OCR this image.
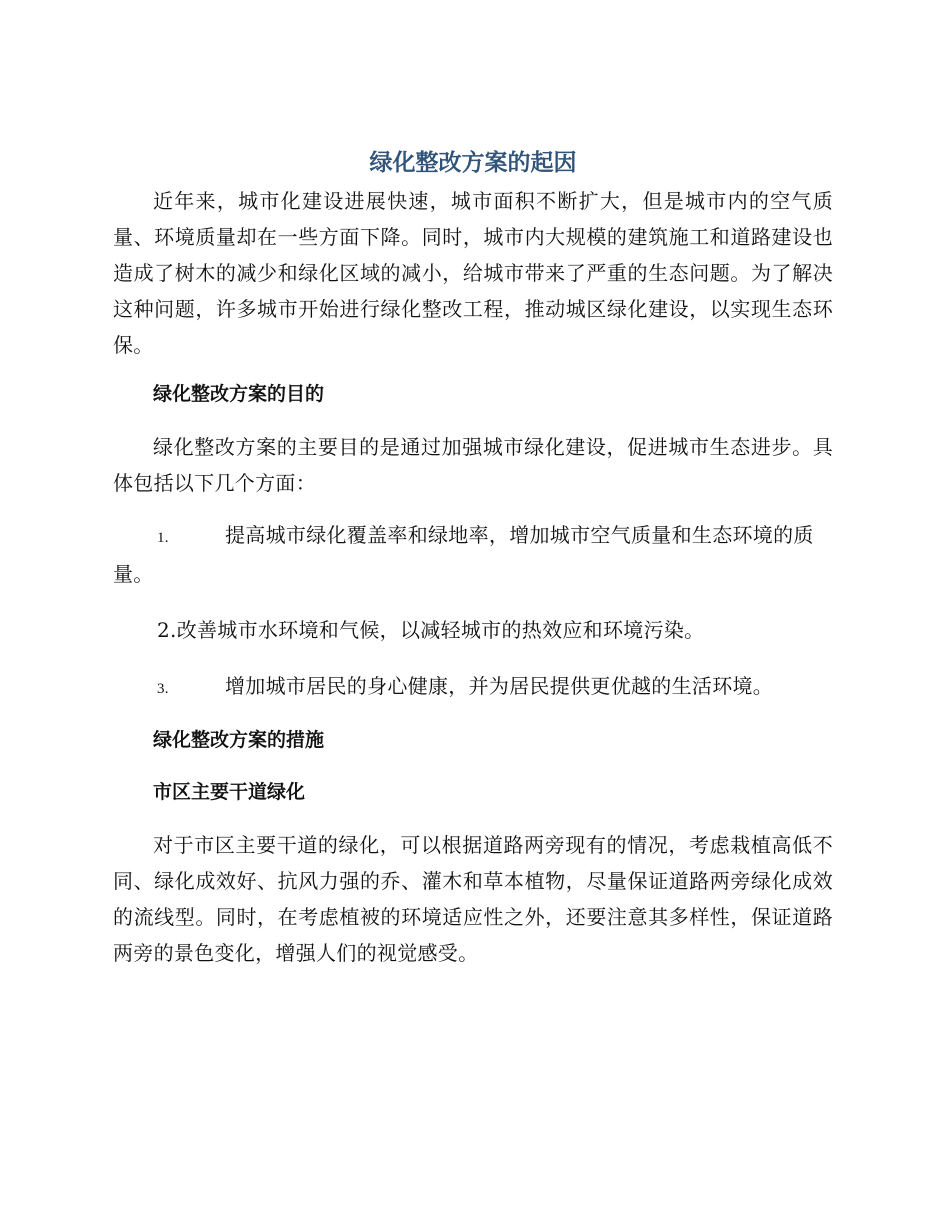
绿化整改方案的起因

近年来，城市化建设进展快速，城市面积不断扩大，但是城市内的空气质量、环境质量却在一些方面下降。同时，城市内大规模的建筑施工和道路建设也造成了树木的减少和绿化区域的减小，给城市带来了严重的生态问题。为了解决这种问题，许多城市开始进行绿化整改工程，推动城区绿化建设，以实现生态环保。

绿化整改方案的目的

绿化整改方案的主要目的是通过加强城市绿化建设，促进城市生态进步。具体包括以下几个方面：

1.	提高城市绿化覆盖率和绿地率，增加城市空气质量和生态环境的质量。

2.改善城市水环境和气候，以减轻城市的热效应和环境污染。

3.	增加城市居民的身心健康，并为居民提供更优越的生活环境。

绿化整改方案的措施
市区主要干道绿化

对于市区主要干道的绿化，可以根据道路两旁现有的情况，考虑栽植高低不同、绿化成效好、抗风力强的乔、灌木和草本植物，尽量保证道路两旁绿化成效的流线型。同时，在考虑植被的环境适应性之外，还要注意其多样性，保证道路两旁的景色变化，增强人们的视觉感受。
